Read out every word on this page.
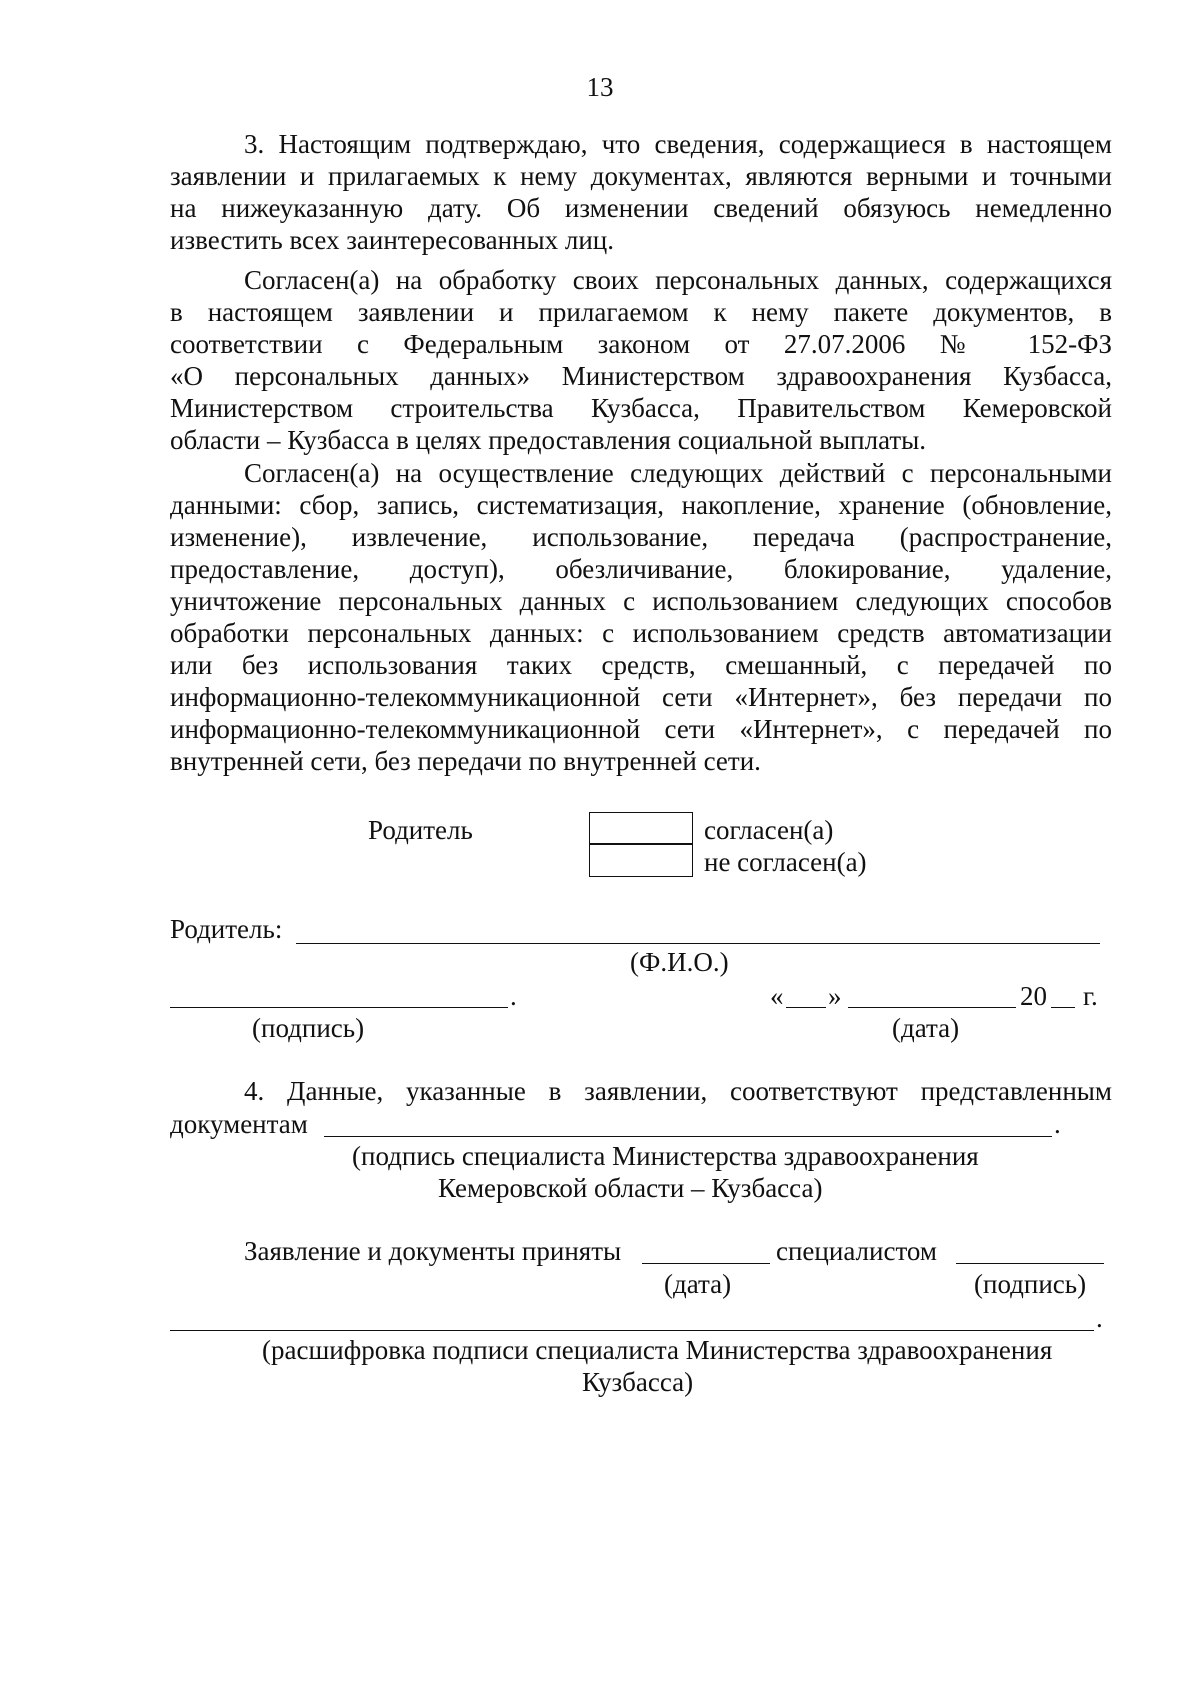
13
3. Настоящим подтверждаю, что сведения, содержащиеся в настоящем
заявлении и прилагаемых к нему документах, являются верными и точными
на нижеуказанную дату. Об изменении сведений обязуюсь немедленно
известить всех заинтересованных лиц.
Согласен(а) на обработку своих персональных данных, содержащихся
в настоящем заявлении и прилагаемом к нему пакете документов, в
соответствии с Федеральным законом от 27.07.2006 № 152-ФЗ
«О персональных данных» Министерством здравоохранения Кузбасса,
Министерством строительства Кузбасса, Правительством Кемеровской
области – Кузбасса в целях предоставления социальной выплаты.
Согласен(а) на осуществление следующих действий с персональными
данными: сбор, запись, систематизация, накопление, хранение (обновление,
изменение), извлечение, использование, передача (распространение,
предоставление, доступ), обезличивание, блокирование, удаление,
уничтожение персональных данных с использованием следующих способов
обработки персональных данных: с использованием средств автоматизации
или без использования таких средств, смешанный, с передачей по
информационно-телекоммуникационной сети «Интернет», без передачи по
информационно-телекоммуникационной сети «Интернет», с передачей по
внутренней сети, без передачи по внутренней сети.
Родитель	согласен(а)
не согласен(а)
Родитель:
(Ф.И.О.)
.	« »	20 г.
(подпись)	(дата)
4. Данные, указанные в заявлении, соответствуют представленным
документам	.
(подпись специалиста Министерства здравоохранения
Кемеровской области – Кузбасса)
Заявление и документы приняты	специалистом
(дата)	(подпись)
.
(расшифровка подписи специалиста Министерства здравоохранения
Кузбасса)
